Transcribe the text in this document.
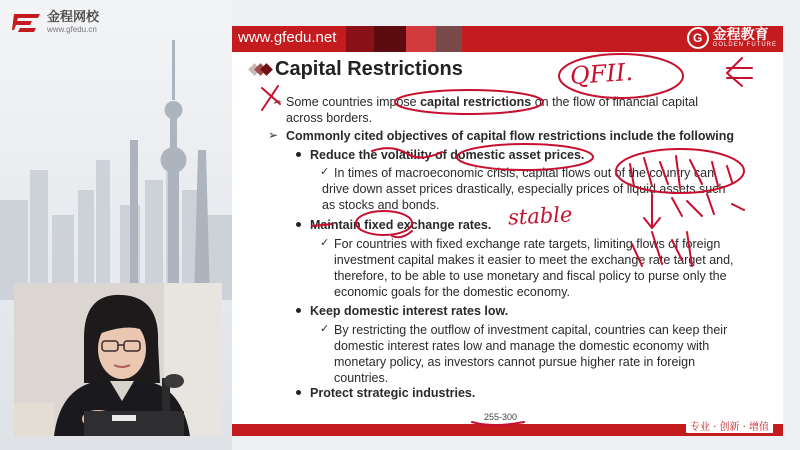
金程网校
www.gfedu.cn	www.gfedu.net	G 金程教育
GOLDEN FUTURE
Capital Restrictions
➢ Some countries impose capital restrictions on the flow of financial capital
across borders.
➢ Commonly cited objectives of capital flow restrictions include the following
Reduce the volatility of domestic asset prices.
✓ In times of macroeconomic crisis, capital flows out of the country can
drive down asset prices drastically, especially prices of liquid assets such
as stocks and bonds.
Maintain fixed exchange rates.
✓ For countries with fixed exchange rate targets, limiting flows of foreign
investment capital makes it easier to meet the exchange rate target and,
therefore, to be able to use monetary and fiscal policy to purse only the
economic goals for the domestic economy.
Keep domestic interest rates low.
✓ By restricting the outflow of investment capital, countries can keep their
domestic interest rates low and manage the domestic economy with
monetary policy, as investors cannot pursue higher rate in foreign
countries.
Protect strategic industries.
255-300
专业 · 创新 · 增值
QFII.
stable
